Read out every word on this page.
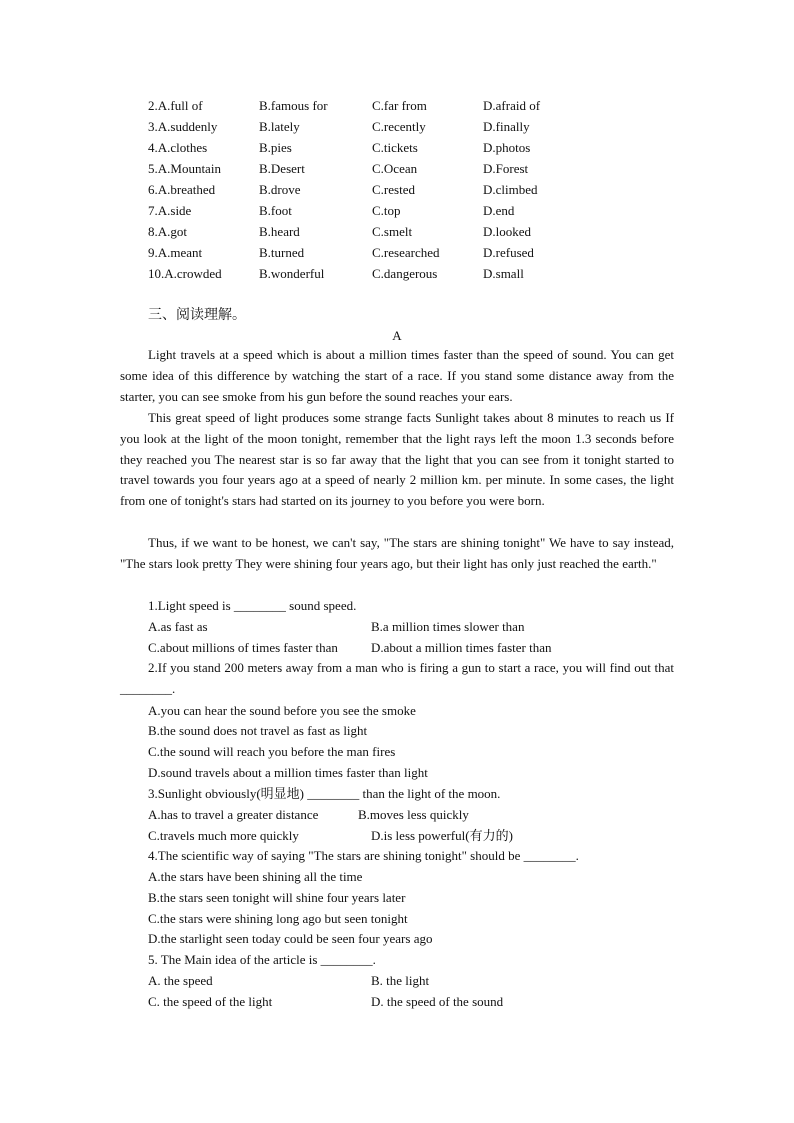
2.A.full of	B.famous for	C.far from	D.afraid of
3.A.suddenly	B.lately	C.recently	D.finally
4.A.clothes	B.pies	C.tickets	D.photos
5.A.Mountain	B.Desert	C.Ocean	D.Forest
6.A.breathed	B.drove	C.rested	D.climbed
7.A.side	B.foot	C.top	D.end
8.A.got	B.heard	C.smelt	D.looked
9.A.meant	B.turned	C.researched	D.refused
10.A.crowded	B.wonderful	C.dangerous	D.small
三、阅读理解。
A

Light travels at a speed which is about a million times faster than the speed of sound. You can get some idea of this difference by watching the start of a race. If you stand some distance away from the starter, you can see smoke from his gun before the sound reaches your ears.

This great speed of light produces some strange facts Sunlight takes about 8 minutes to reach us If you look at the light of the moon tonight, remember that the light rays left the moon 1.3 seconds before they reached you The nearest star is so far away that the light that you can see from it tonight started to travel towards you four years ago at a speed of nearly 2 million km. per minute. In some cases, the light from one of tonight's stars had started on its journey to you before you were born.

Thus, if we want to be honest, we can't say, "The stars are shining tonight" We have to say instead, "The stars look pretty They were shining four years ago, but their light has only just reached the earth."

1.Light speed is ________ sound speed.
A.as fast as	B.a million times slower than
C.about millions of times faster than	D.about a million times faster than

2.If you stand 200 meters away from a man who is firing a gun to start a race, you will find out that ________.

A.you can hear the sound before you see the smoke
B.the sound does not travel as fast as light
C.the sound will reach you before the man fires
D.sound travels about a million times faster than light
3.Sunlight obviously(明显地) ________ than the light of the moon.
A.has to travel a greater distance	B.moves less quickly
C.travels much more quickly	D.is less powerful(有力的)
4.The scientific way of saying "The stars are shining tonight" should be ________.
A.the stars have been shining all the time
B.the stars seen tonight will shine four years later
C.the stars were shining long ago but seen tonight
D.the starlight seen today could be seen four years ago
5. The Main idea of the article is ________.
A. the speed	B. the light
C. the speed of the light	D. the speed of the sound
